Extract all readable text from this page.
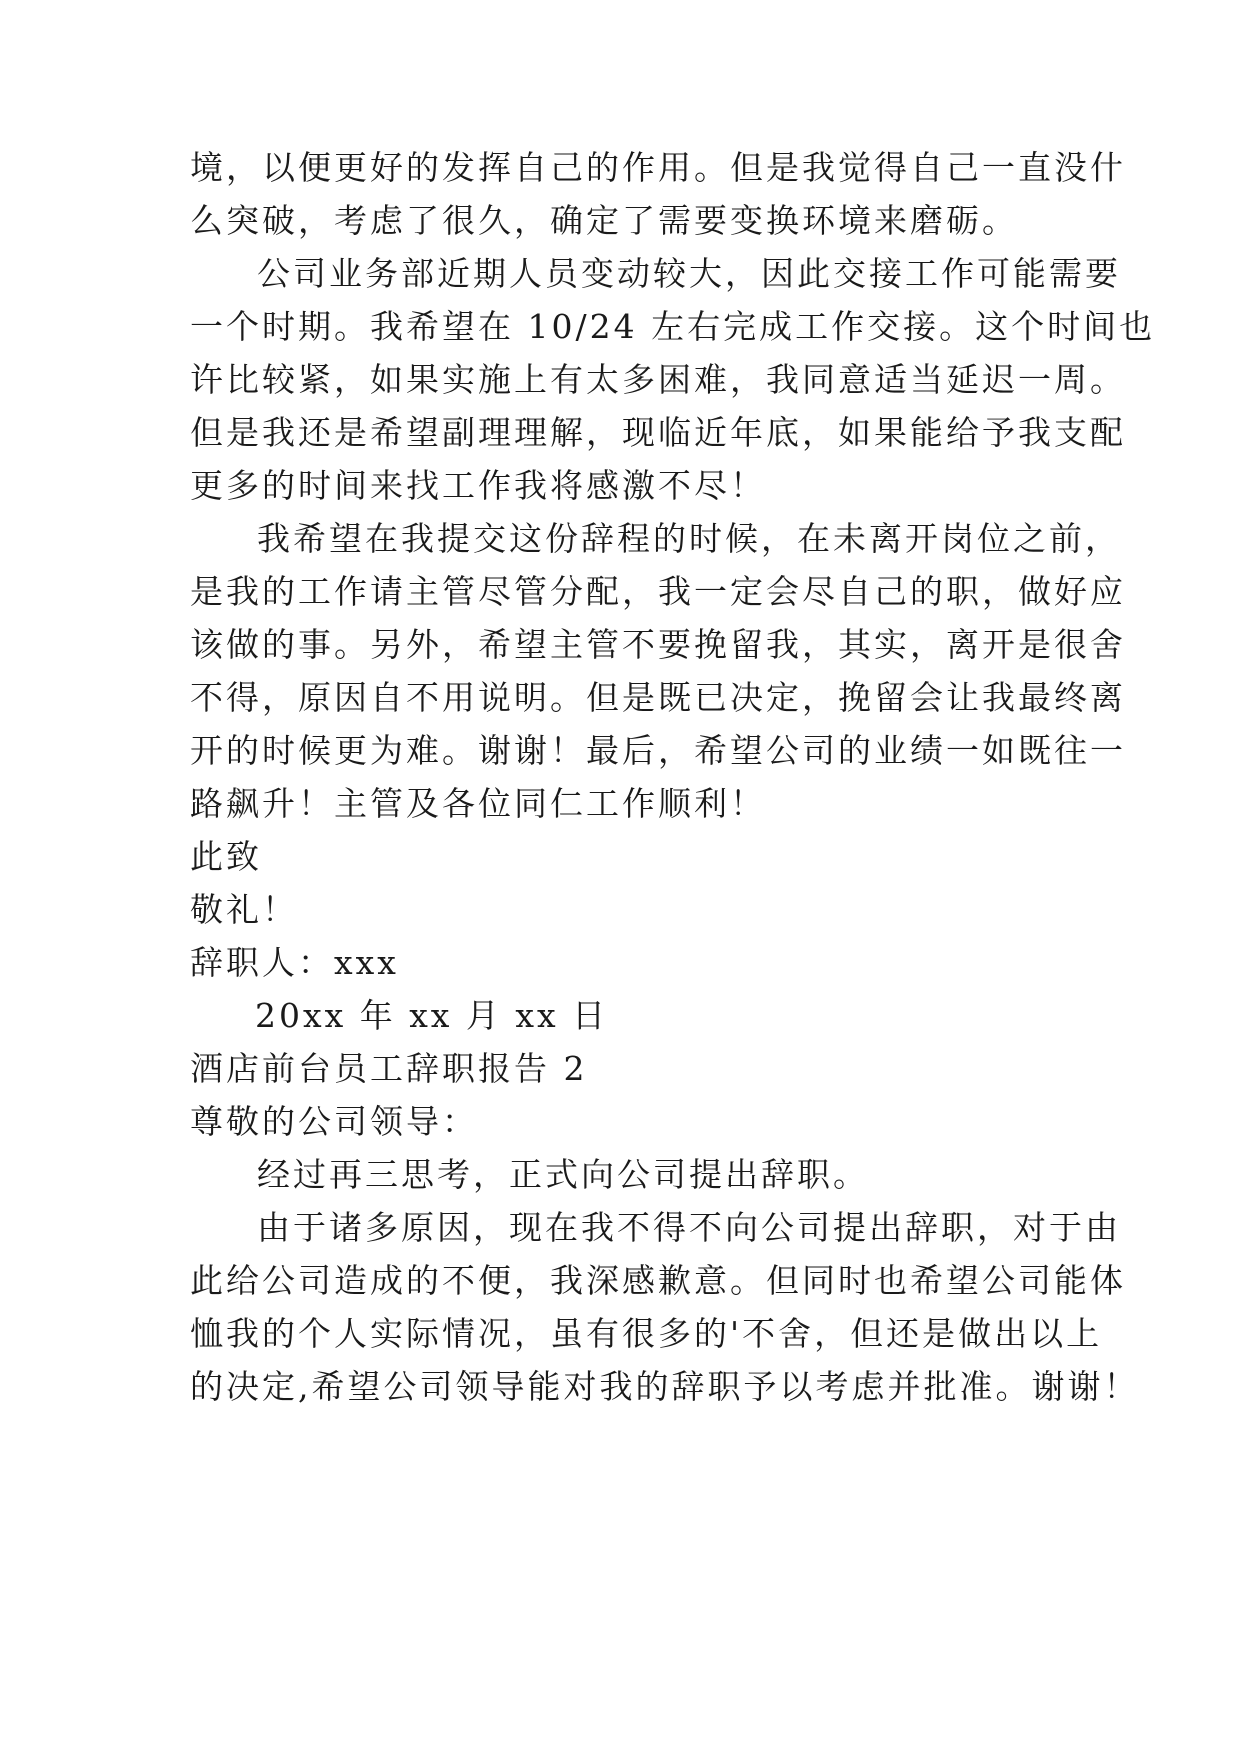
境，以便更好的发挥自己的作用。但是我觉得自己一直没什
么突破，考虑了很久，确定了需要变换环境来磨砺。
公司业务部近期人员变动较大，因此交接工作可能需要
一个时期。我希望在 10/24 左右完成工作交接。这个时间也
许比较紧，如果实施上有太多困难，我同意适当延迟一周。
但是我还是希望副理理解，现临近年底，如果能给予我支配
更多的时间来找工作我将感激不尽！
我希望在我提交这份辞程的时候，在未离开岗位之前，
是我的工作请主管尽管分配，我一定会尽自己的职，做好应
该做的事。另外，希望主管不要挽留我，其实，离开是很舍
不得，原因自不用说明。但是既已决定，挽留会让我最终离
开的时候更为难。谢谢！最后，希望公司的业绩一如既往一
路飙升！主管及各位同仁工作顺利！
此致
敬礼！
辞职人：xxx
20xx 年 xx 月 xx 日
酒店前台员工辞职报告 2
尊敬的公司领导：
经过再三思考，正式向公司提出辞职。
由于诸多原因，现在我不得不向公司提出辞职，对于由
此给公司造成的不便，我深感歉意。但同时也希望公司能体
恤我的个人实际情况，虽有很多的'不舍，但还是做出以上
的决定,希望公司领导能对我的辞职予以考虑并批准。谢谢！
